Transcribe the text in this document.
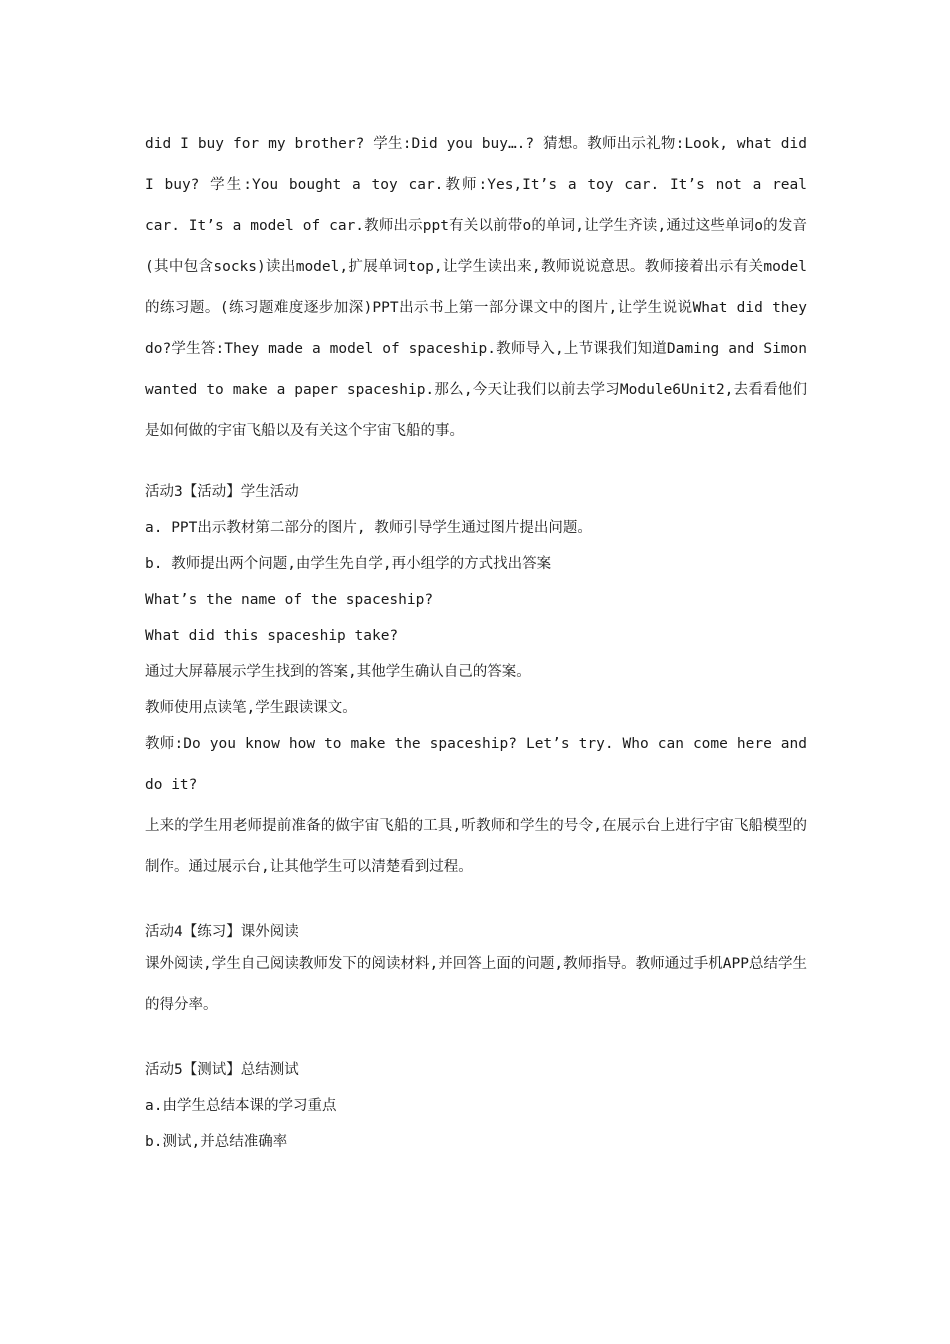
did I buy for my brother? 学生:Did you buy….? 猜想。教师出示礼物:Look, what did I buy? 学生:You bought a toy car.教师:Yes,It’s a toy car. It’s not a real car. It’s a model of car.教师出示ppt有关以前带o的单词,让学生齐读,通过这些单词o的发音(其中包含socks)读出model,扩展单词top,让学生读出来,教师说说意思。教师接着出示有关model的练习题。(练习题难度逐步加深)PPT出示书上第一部分课文中的图片,让学生说说What did they do?学生答:They made a model of spaceship.教师导入,上节课我们知道Daming and Simon wanted to make a paper spaceship.那么,今天让我们以前去学习Module6Unit2,去看看他们是如何做的宇宙飞船以及有关这个宇宙飞船的事。

活动3【活动】学生活动

a. PPT出示教材第二部分的图片, 教师引导学生通过图片提出问题。

b. 教师提出两个问题,由学生先自学,再小组学的方式找出答案

What’s the name of the spaceship?

What did this spaceship take?

通过大屏幕展示学生找到的答案,其他学生确认自己的答案。

教师使用点读笔,学生跟读课文。

教师:Do you know how to make the spaceship? Let’s try. Who can come here and do it?

上来的学生用老师提前准备的做宇宙飞船的工具,听教师和学生的号令,在展示台上进行宇宙飞船模型的制作。通过展示台,让其他学生可以清楚看到过程。

活动4【练习】课外阅读

课外阅读,学生自己阅读教师发下的阅读材料,并回答上面的问题,教师指导。教师通过手机APP总结学生的得分率。

活动5【测试】总结测试

a.由学生总结本课的学习重点

b.测试,并总结准确率
